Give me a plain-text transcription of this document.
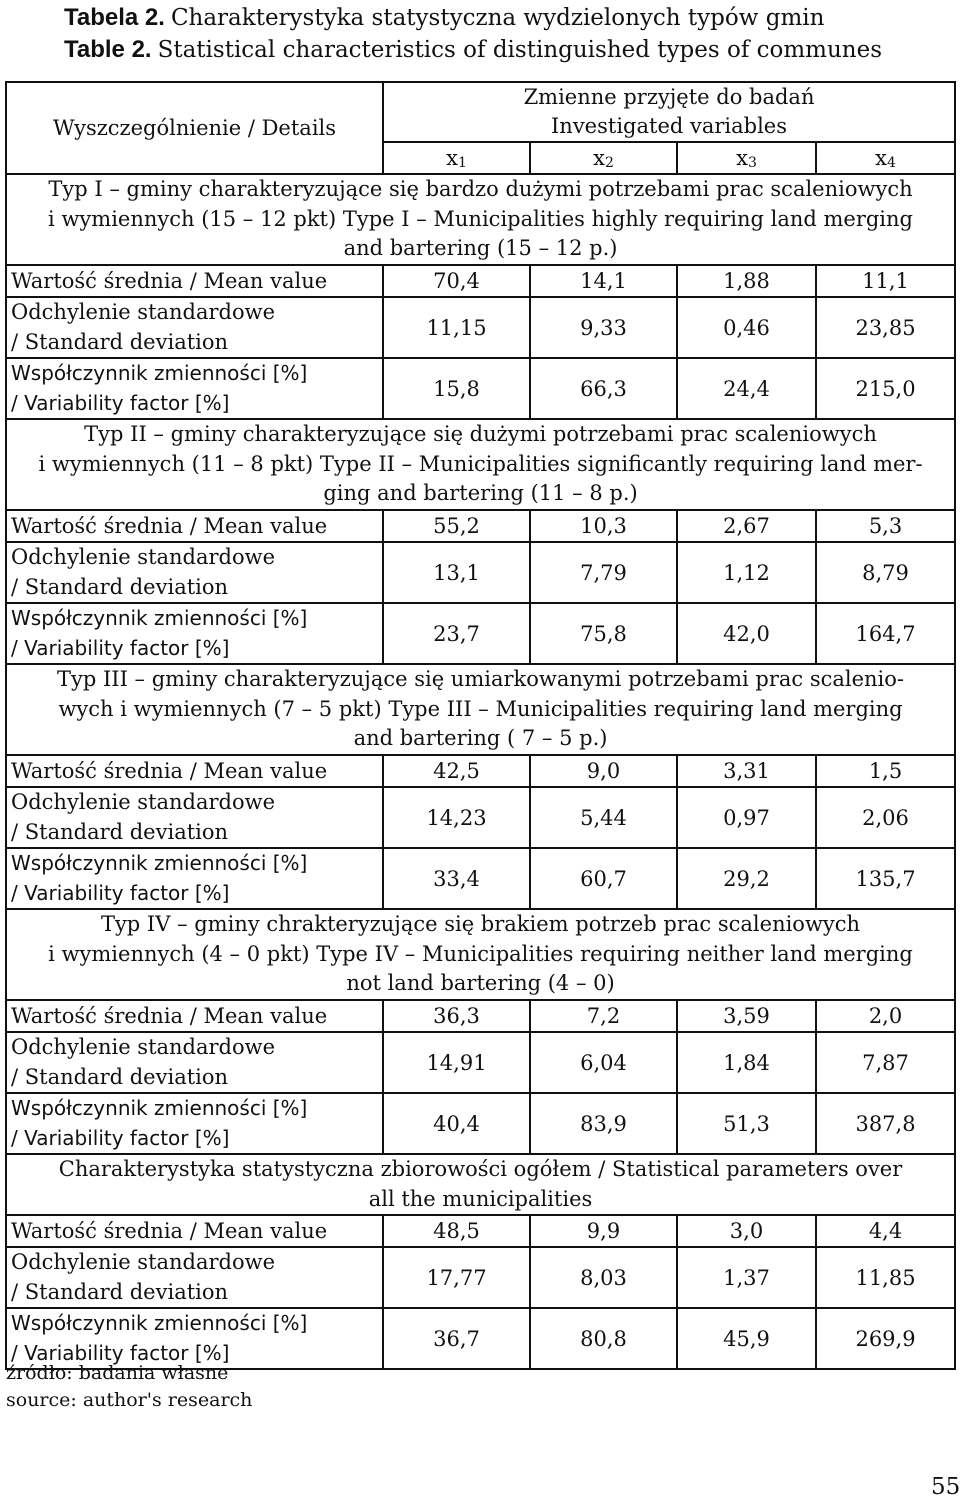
Tabela 2. Charakterystyka statystyczna wydzielonych typów gmin
Table 2. Statistical characteristics of distinguished types of communes
Wyszczególnienie / Details	Zmienne przyjęte do badań
Investigated variables			

	$x_1$	$x_2$	$x_3$	$x_4$

Typ I – gminy charakteryzujące się bardzo dużymi potrzebami prac scaleniowych
i wymiennych (15 – 12 pkt) Type I – Municipalities highly requiring land merging
and bartering (15 – 12 p.)				

Wartość średnia / Mean value	70,4	14,1	1,88	11,1

Odchylenie standardowe
/ Standard deviation	11,15	9,33	0,46	23,85

Współczynnik zmienności [%]
/ Variability factor [%]	15,8	66,3	24,4	215,0

Typ II – gminy charakteryzujące się dużymi potrzebami prac scaleniowych
i wymiennych (11 – 8 pkt) Type II – Municipalities significantly requiring land mer-
ging and bartering (11 – 8 p.)				

Wartość średnia / Mean value	55,2	10,3	2,67	5,3

Odchylenie standardowe
/ Standard deviation	13,1	7,79	1,12	8,79

Współczynnik zmienności [%]
/ Variability factor [%]	23,7	75,8	42,0	164,7

Typ III – gminy charakteryzujące się umiarkowanymi potrzebami prac scalenio-
wych i wymiennych (7 – 5 pkt) Type III – Municipalities requiring land merging
and bartering ( 7 – 5 p.)				

Wartość średnia / Mean value	42,5	9,0	3,31	1,5

Odchylenie standardowe
/ Standard deviation	14,23	5,44	0,97	2,06

Współczynnik zmienności [%]
/ Variability factor [%]	33,4	60,7	29,2	135,7

Typ IV – gminy chrakteryzujące się brakiem potrzeb prac scaleniowych
i wymiennych (4 – 0 pkt) Type IV – Municipalities requiring neither land merging
not land bartering (4 – 0)				

Wartość średnia / Mean value	36,3	7,2	3,59	2,0

Odchylenie standardowe
/ Standard deviation	14,91	6,04	1,84	7,87

Współczynnik zmienności [%]
/ Variability factor [%]	40,4	83,9	51,3	387,8

Charakterystyka statystyczna zbiorowości ogółem / Statistical parameters over
all the municipalities				

Wartość średnia / Mean value	48,5	9,9	3,0	4,4

Odchylenie standardowe
/ Standard deviation	17,77	8,03	1,37	11,85

Współczynnik zmienności [%]
/ Variability factor [%]	36,7	80,8	45,9	269,9
źródło: badania własne
source: author's research
55
